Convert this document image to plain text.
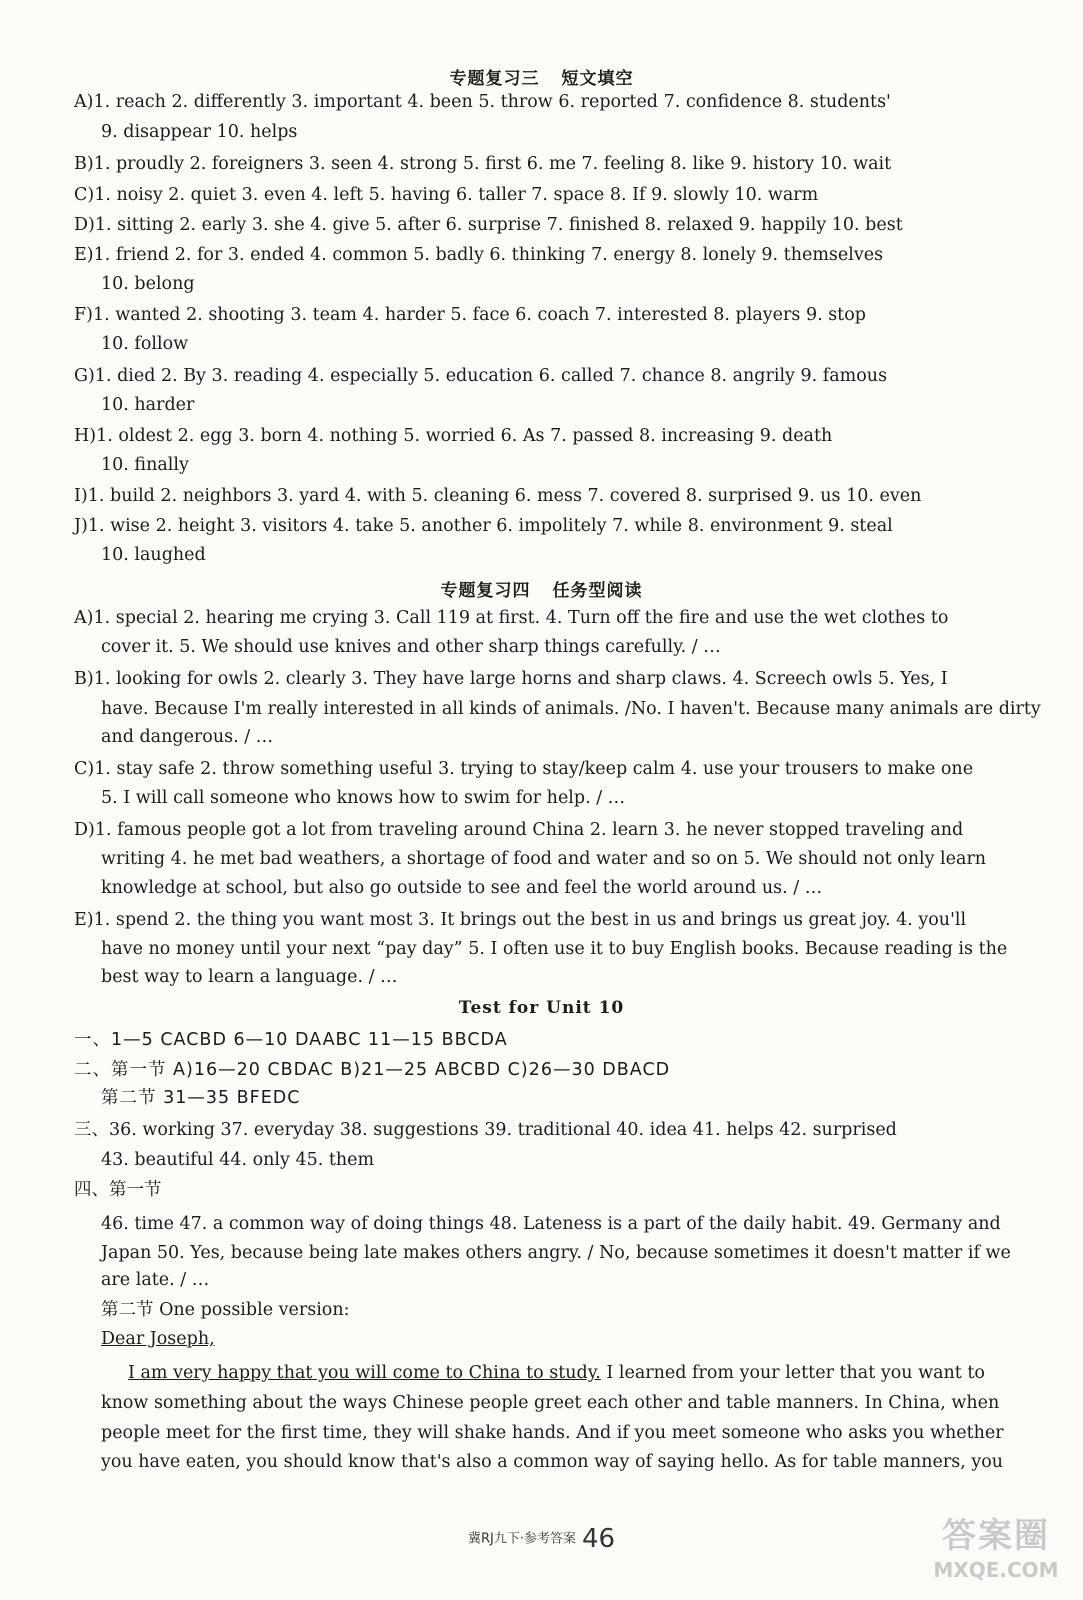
专题复习三 短文填空
A)1. reach 2. differently 3. important 4. been 5. throw 6. reported 7. confidence 8. students'
9. disappear 10. helps
B)1. proudly 2. foreigners 3. seen 4. strong 5. first 6. me 7. feeling 8. like 9. history 10. wait
C)1. noisy 2. quiet 3. even 4. left 5. having 6. taller 7. space 8. If 9. slowly 10. warm
D)1. sitting 2. early 3. she 4. give 5. after 6. surprise 7. finished 8. relaxed 9. happily 10. best
E)1. friend 2. for 3. ended 4. common 5. badly 6. thinking 7. energy 8. lonely 9. themselves
10. belong
F)1. wanted 2. shooting 3. team 4. harder 5. face 6. coach 7. interested 8. players 9. stop
10. follow
G)1. died 2. By 3. reading 4. especially 5. education 6. called 7. chance 8. angrily 9. famous
10. harder
H)1. oldest 2. egg 3. born 4. nothing 5. worried 6. As 7. passed 8. increasing 9. death
10. finally
I)1. build 2. neighbors 3. yard 4. with 5. cleaning 6. mess 7. covered 8. surprised 9. us 10. even
J)1. wise 2. height 3. visitors 4. take 5. another 6. impolitely 7. while 8. environment 9. steal
10. laughed
专题复习四 任务型阅读
A)1. special 2. hearing me crying 3. Call 119 at first. 4. Turn off the fire and use the wet clothes to
cover it. 5. We should use knives and other sharp things carefully. / …
B)1. looking for owls 2. clearly 3. They have large horns and sharp claws. 4. Screech owls 5. Yes, I
have. Because I'm really interested in all kinds of animals. /No. I haven't. Because many animals are dirty
and dangerous. / …
C)1. stay safe 2. throw something useful 3. trying to stay/keep calm 4. use your trousers to make one
5. I will call someone who knows how to swim for help. / …
D)1. famous people got a lot from traveling around China 2. learn 3. he never stopped traveling and
writing 4. he met bad weathers, a shortage of food and water and so on 5. We should not only learn
knowledge at school, but also go outside to see and feel the world around us. / …
E)1. spend 2. the thing you want most 3. It brings out the best in us and brings us great joy. 4. you'll
have no money until your next “pay day” 5. I often use it to buy English books. Because reading is the
best way to learn a language. / …
Test for Unit 10
一、1—5 CACBD 6—10 DAABC 11—15 BBCDA
二、第一节 A)16—20 CBDAC B)21—25 ABCBD C)26—30 DBACD
第二节 31—35 BFEDC
三、36. working 37. everyday 38. suggestions 39. traditional 40. idea 41. helps 42. surprised
43. beautiful 44. only 45. them
四、第一节
46. time 47. a common way of doing things 48. Lateness is a part of the daily habit. 49. Germany and
Japan 50. Yes, because being late makes others angry. / No, because sometimes it doesn't matter if we
are late. / …
第二节 One possible version:
Dear Joseph,
I am very happy that you will come to China to study. I learned from your letter that you want to
know something about the ways Chinese people greet each other and table manners. In China, when
people meet for the first time, they will shake hands. And if you meet someone who asks you whether
you have eaten, you should know that's also a common way of saying hello. As for table manners, you
冀RJ九下·参考答案 46	答案圈
MXQE.COM
